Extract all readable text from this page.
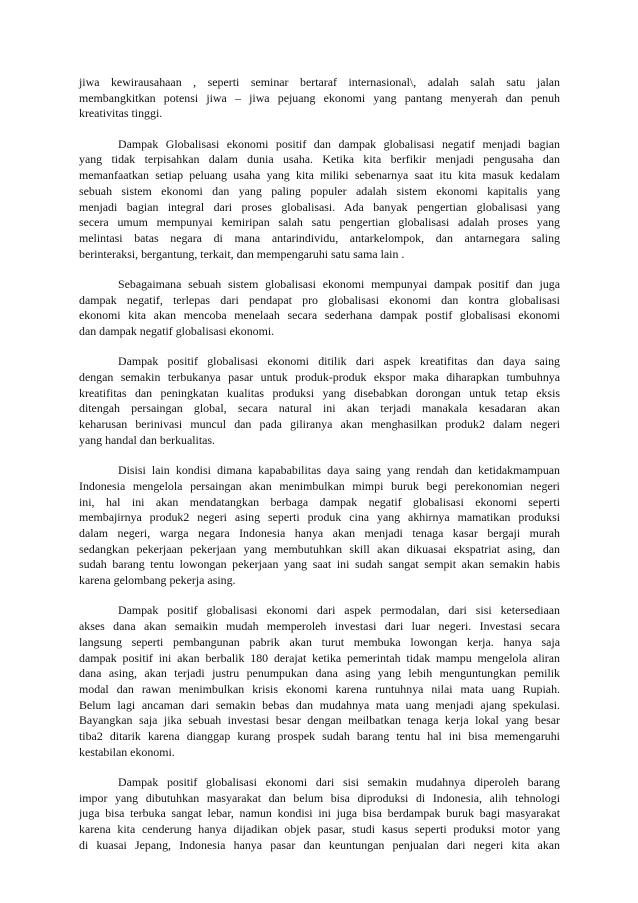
jiwa kewirausahaan , seperti seminar bertaraf internasional\, adalah salah satu jalan
membangkitkan potensi jiwa – jiwa pejuang ekonomi yang pantang menyerah dan penuh
kreativitas tinggi.

Dampak Globalisasi ekonomi positif dan dampak globalisasi negatif menjadi bagian
yang tidak terpisahkan dalam dunia usaha. Ketika kita berfikir menjadi pengusaha dan
memanfaatkan setiap peluang usaha yang kita miliki sebenarnya saat itu kita masuk kedalam
sebuah sistem ekonomi dan yang paling populer adalah sistem ekonomi kapitalis yang
menjadi bagian integral dari proses globalisasi. Ada banyak pengertian globalisasi yang
secera umum mempunyai kemiripan salah satu pengertian globalisasi adalah proses yang
melintasi batas negara di mana antarindividu, antarkelompok, dan antarnegara saling
berinteraksi, bergantung, terkait, dan mempengaruhi satu sama lain .

Sebagaimana sebuah sistem globalisasi ekonomi mempunyai dampak positif dan juga
dampak negatif, terlepas dari pendapat pro globalisasi ekonomi dan kontra globalisasi
ekonomi kita akan mencoba menelaah secara sederhana dampak postif globalisasi ekonomi
dan dampak negatif globalisasi ekonomi.

Dampak positif globalisasi ekonomi ditilik dari aspek kreatifitas dan daya saing
dengan semakin terbukanya pasar untuk produk-produk ekspor maka diharapkan tumbuhnya
kreatifitas dan peningkatan kualitas produksi yang disebabkan dorongan untuk tetap eksis
ditengah persaingan global, secara natural ini akan terjadi manakala kesadaran akan
keharusan berinivasi muncul dan pada giliranya akan menghasilkan produk2 dalam negeri
yang handal dan berkualitas.

Disisi lain kondisi dimana kapababilitas daya saing yang rendah dan ketidakmampuan
Indonesia mengelola persaingan akan menimbulkan mimpi buruk begi perekonomian negeri
ini, hal ini akan mendatangkan berbaga dampak negatif globalisasi ekonomi seperti
membajirnya produk2 negeri asing seperti produk cina yang akhirnya mamatikan produksi
dalam negeri, warga negara Indonesia hanya akan menjadi tenaga kasar bergaji murah
sedangkan pekerjaan pekerjaan yang membutuhkan skill akan dikuasai ekspatriat asing, dan
sudah barang tentu lowongan pekerjaan yang saat ini sudah sangat sempit akan semakin habis
karena gelombang pekerja asing.

Dampak positif globalisasi ekonomi dari aspek permodalan, dari sisi ketersediaan
akses dana akan semaikin mudah memperoleh investasi dari luar negeri. Investasi secara
langsung seperti pembangunan pabrik akan turut membuka lowongan kerja. hanya saja
dampak positif ini akan berbalik 180 derajat ketika pemerintah tidak mampu mengelola aliran
dana asing, akan terjadi justru penumpukan dana asing yang lebih menguntungkan pemilik
modal dan rawan menimbulkan krisis ekonomi karena runtuhnya nilai mata uang Rupiah.
Belum lagi ancaman dari semakin bebas dan mudahnya mata uang menjadi ajang spekulasi.
Bayangkan saja jika sebuah investasi besar dengan meilbatkan tenaga kerja lokal yang besar
tiba2 ditarik karena dianggap kurang prospek sudah barang tentu hal ini bisa memengaruhi
kestabilan ekonomi.

Dampak positif globalisasi ekonomi dari sisi semakin mudahnya diperoleh barang
impor yang dibutuhkan masyarakat dan belum bisa diproduksi di Indonesia, alih tehnologi
juga bisa terbuka sangat lebar, namun kondisi ini juga bisa berdampak buruk bagi masyarakat
karena kita cenderung hanya dijadikan objek pasar, studi kasus seperti produksi motor yang
di kuasai Jepang, Indonesia hanya pasar dan keuntungan penjualan dari negeri kita akan
